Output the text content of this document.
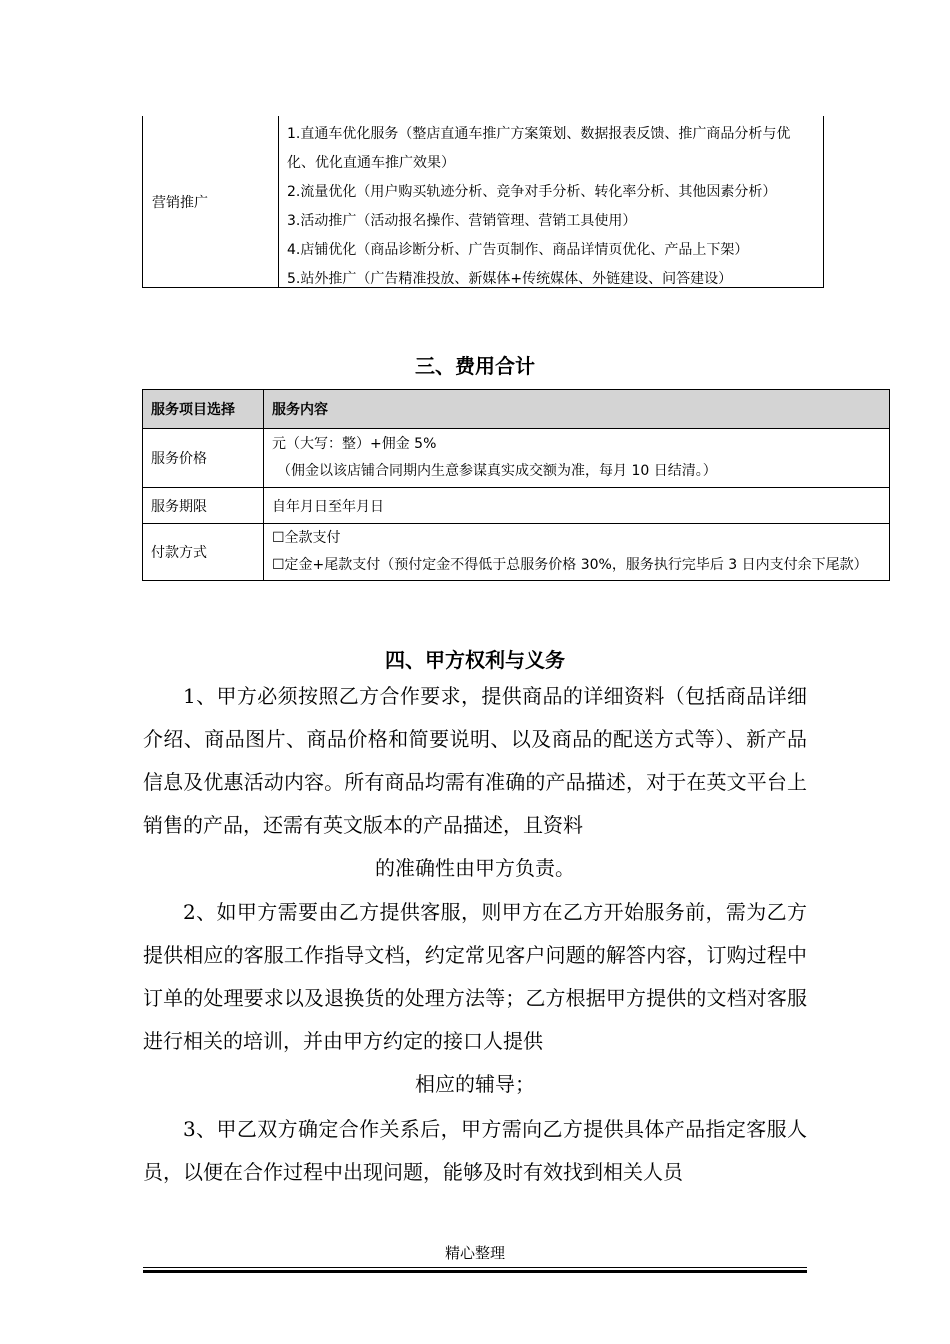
营销推广
1.直通车优化服务（整店直通车推广方案策划、数据报表反馈、推广商品分析与优化、优化直通车推广效果）
2.流量优化（用户购买轨迹分析、竞争对手分析、转化率分析、其他因素分析）
3.活动推广（活动报名操作、营销管理、营销工具使用）
4.店铺优化（商品诊断分析、广告页制作、商品详情页优化、产品上下架）
5.站外推广（广告精准投放、新媒体+传统媒体、外链建设、问答建设）
三、费用合计
服务项目选择	服务内容
服务价格	元（大写：整）+佣金 5%
（佣金以该店铺合同期内生意参谋真实成交额为准，每月 10 日结清。）

服务期限	自年月日至年月日
付款方式	☐全款支付
☐定金+尾款支付（预付定金不得低于总服务价格 30%，服务执行完毕后 3 日内支付余下尾款）
四、甲方权利与义务
1、甲方必须按照乙方合作要求，提供商品的详细资料（包括商品详细介绍、商品图片、商品价格和简要说明、以及商品的配送方式等）、新产品信息及优惠活动内容。所有商品均需有准确的产品描述，对于在英文平台上销售的产品，还需有英文版本的产品描述，且资料
的准确性由甲方负责。
2、如甲方需要由乙方提供客服，则甲方在乙方开始服务前，需为乙方提供相应的客服工作指导文档，约定常见客户问题的解答内容，订购过程中订单的处理要求以及退换货的处理方法等；乙方根据甲方提供的文档对客服进行相关的培训，并由甲方约定的接口人提供
相应的辅导；
3、甲乙双方确定合作关系后，甲方需向乙方提供具体产品指定客服人员，以便在合作过程中出现问题，能够及时有效找到相关人员
精心整理
